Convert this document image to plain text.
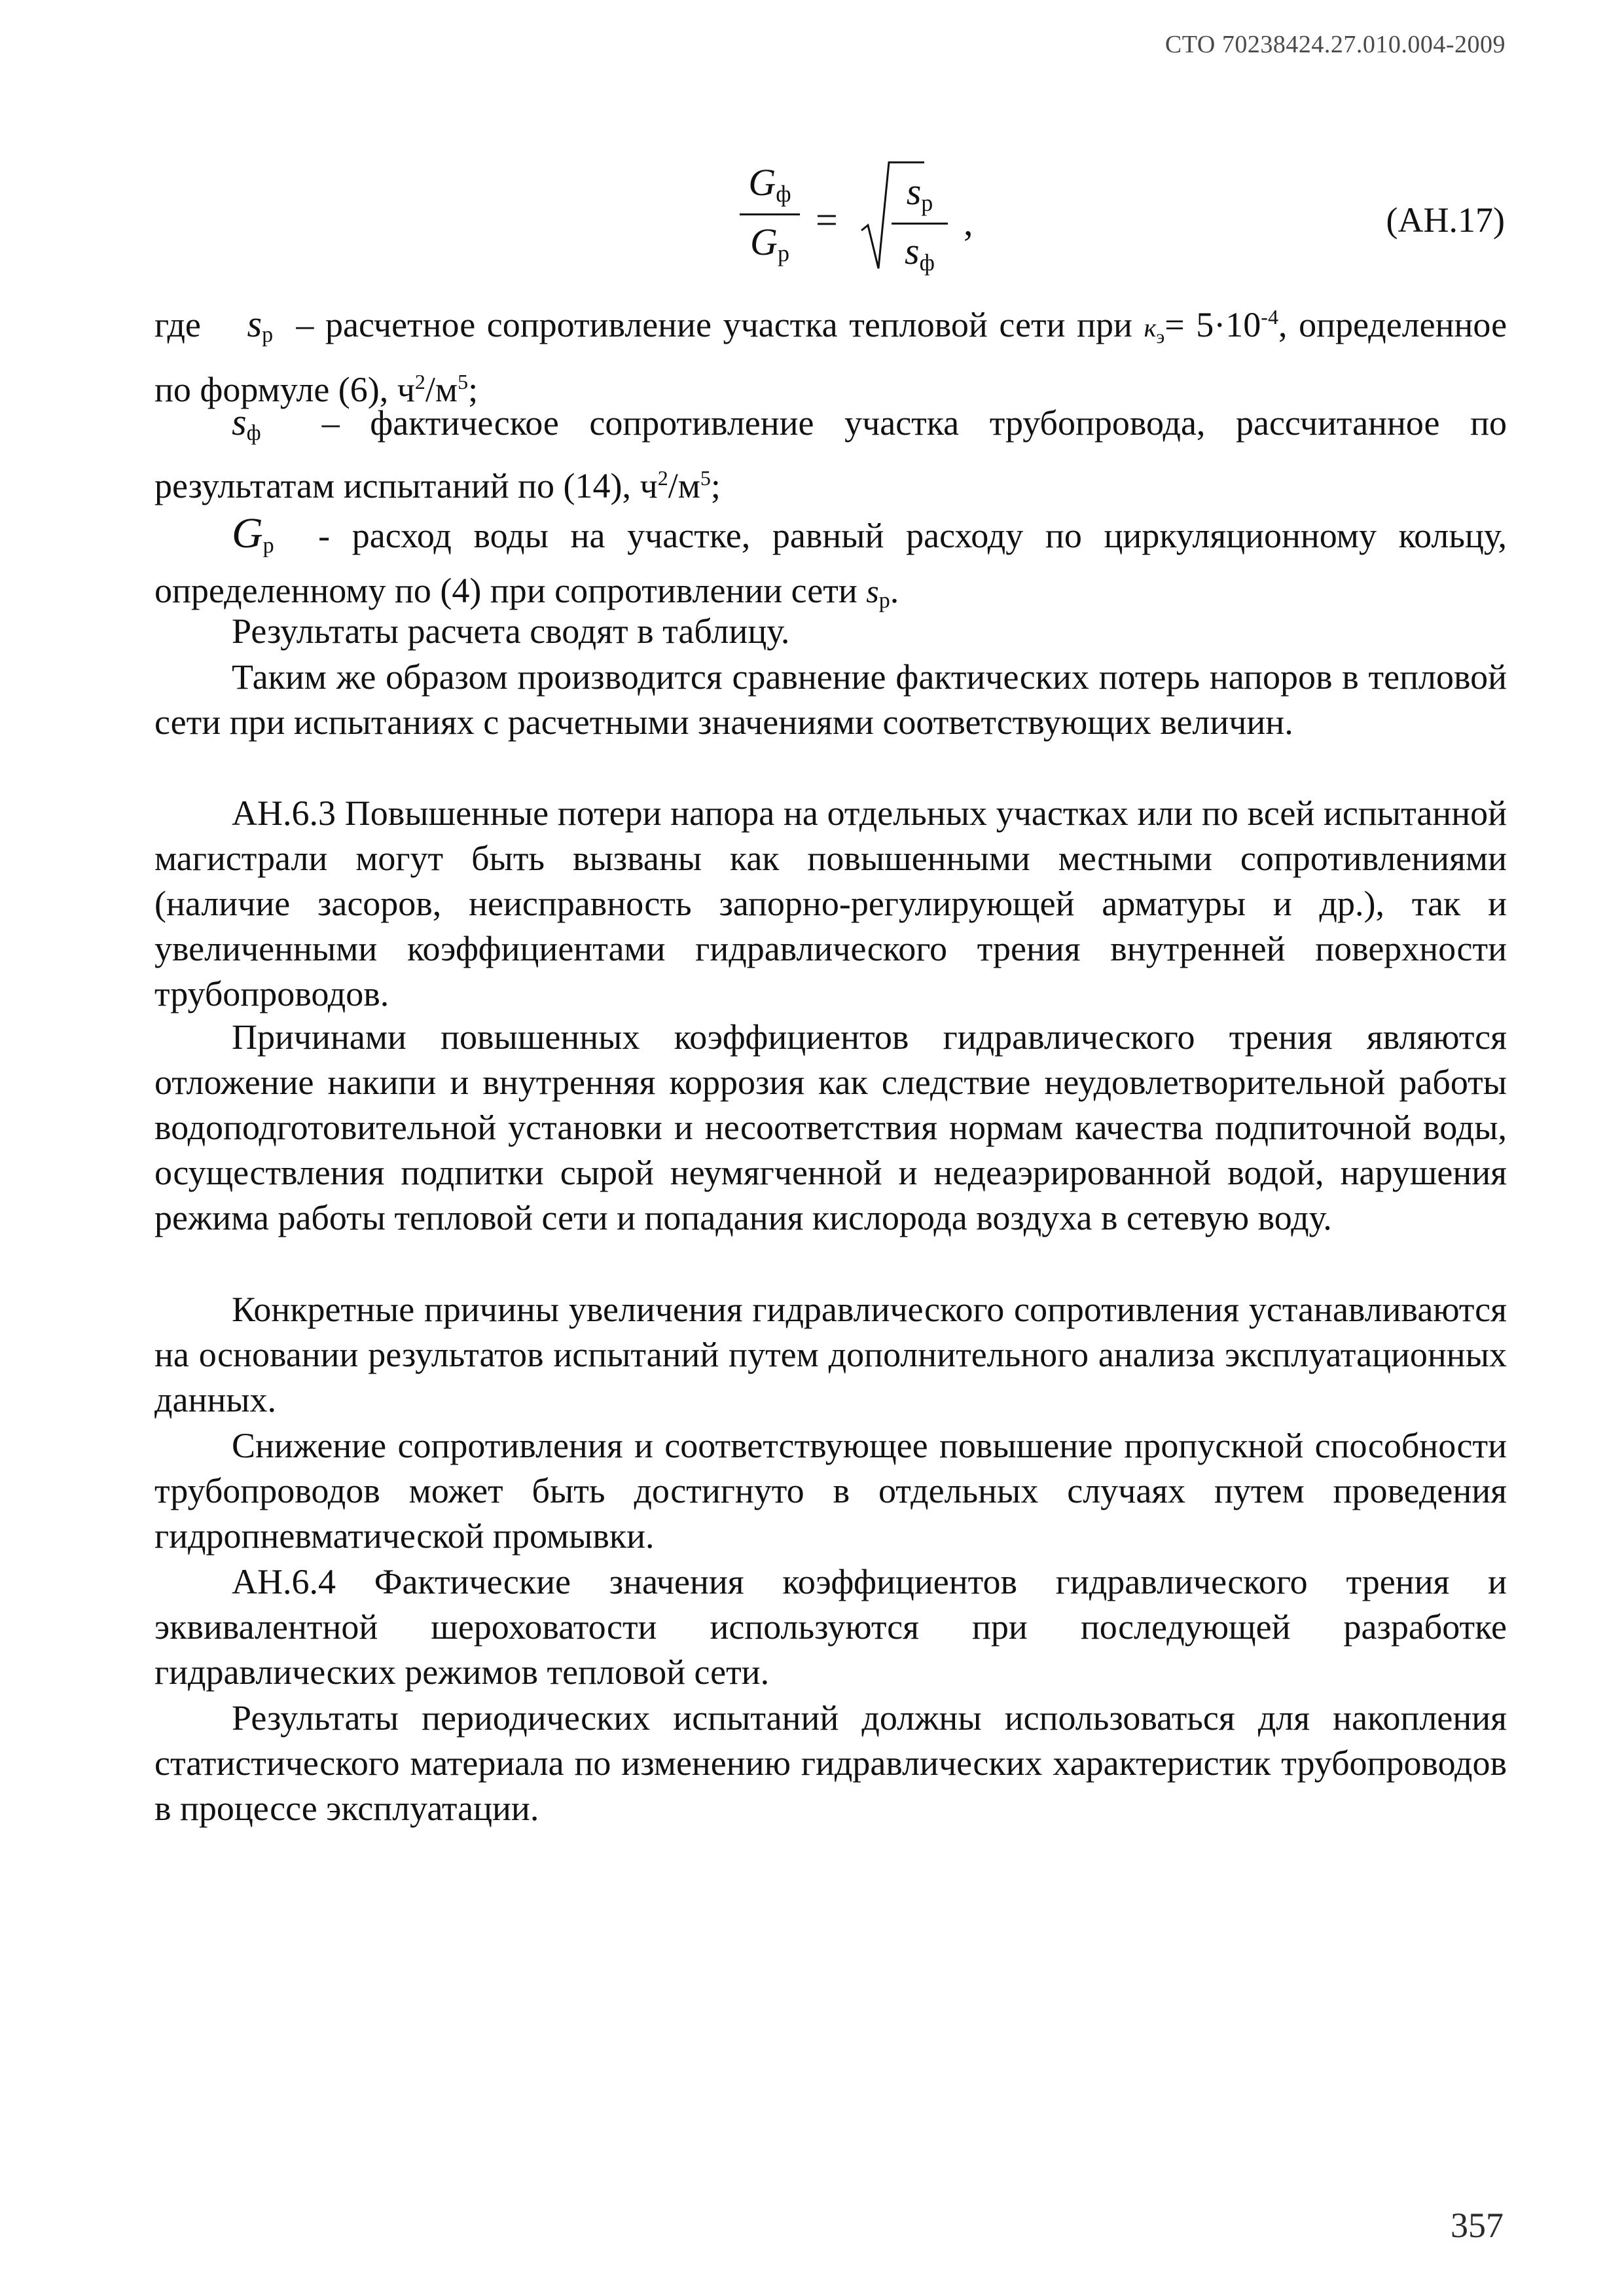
СТО 70238424.27.010.004-2009
$G_ф$
$G_р$
=
$s_р$
$s_ф$
,	(АН.17)

где sр – расчетное сопротивление участка тепловой сети при $кэ= 5\cdot 10^{-4}$, определенное по формуле (6), $ч^2/м^5$;

sф – фактическое сопротивление участка трубопровода, рассчитанное по результатам испытаний по (14), $ч^2/м^5$;

Gр - расход воды на участке, равный расходу по циркуляционному кольцу, определенному по (4) при сопротивлении сети sр.

Результаты расчета сводят в таблицу.

Таким же образом производится сравнение фактических потерь напоров в тепловой сети при испытаниях с расчетными значениями соответствующих величин.

АН.6.3 Повышенные потери напора на отдельных участках или по всей испытанной магистрали могут быть вызваны как повышенными местными сопротивлениями (наличие засоров, неисправность запорно-регулирующей арматуры и др.), так и увеличенными коэффициентами гидравлического трения внутренней поверхности трубопроводов.

Причинами повышенных коэффициентов гидравлического трения являются отложение накипи и внутренняя коррозия как следствие неудовлетворительной работы водоподготовительной установки и несоответствия нормам качества подпиточной воды, осуществления подпитки сырой неумягченной и недеаэрированной водой, нарушения режима работы тепловой сети и попадания кислорода воздуха в сетевую воду.

Конкретные причины увеличения гидравлического сопротивления устанавливаются на основании результатов испытаний путем дополнительного анализа эксплуатационных данных.

Снижение сопротивления и соответствующее повышение пропускной способности трубопроводов может быть достигнуто в отдельных случаях путем проведения гидропневматической промывки.

АН.6.4 Фактические значения коэффициентов гидравлического трения и эквивалентной шероховатости используются при последующей разработке гидравлических режимов тепловой сети.

Результаты периодических испытаний должны использоваться для накопления статистического материала по изменению гидравлических характеристик трубопроводов в процессе эксплуатации.

357
